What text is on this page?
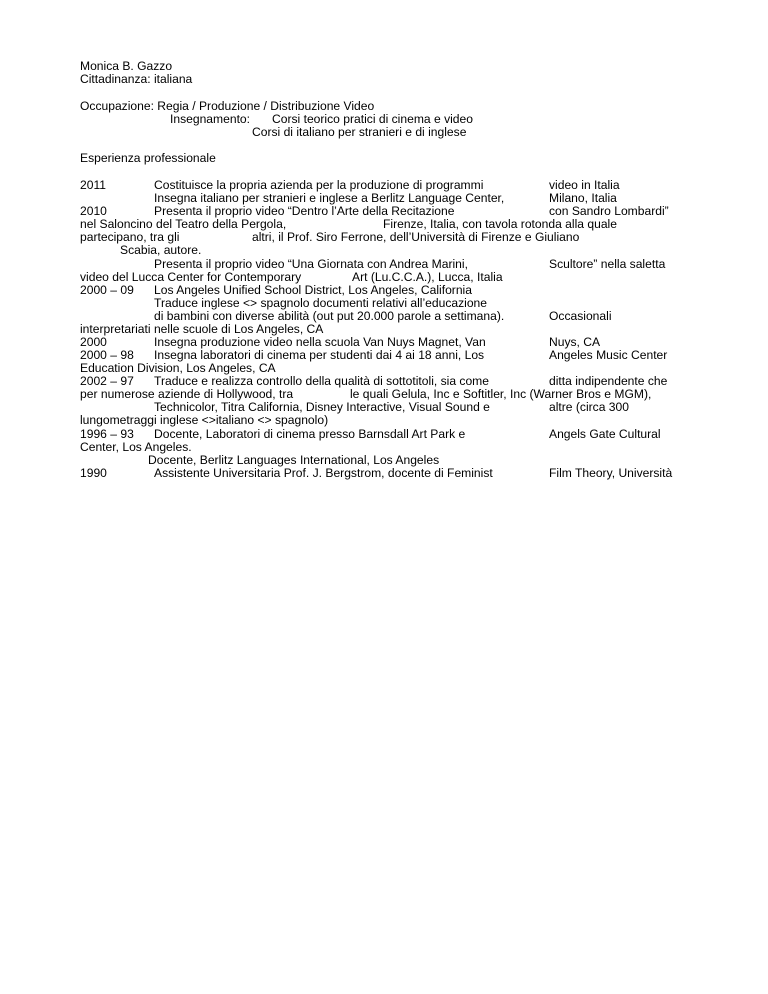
Monica B. Gazzo
Cittadinanza: italiana
Occupazione: Regia / Produzione / Distribuzione Video
Insegnamento: Corsi teorico pratici di cinema e video
Corsi di italiano per stranieri e di inglese
Esperienza professionale
2011	Costituisce la propria azienda per la produzione di programmi	video in Italia
Insegna italiano per stranieri e inglese a Berlitz Language Center,	Milano, Italia
2010	Presenta il proprio video “Dentro l’Arte della Recitazione	con Sandro Lombardi”
nel Saloncino del Teatro della Pergola,	Firenze, Italia, con tavola rotonda alla quale
partecipano, tra gli	altri, il Prof. Siro Ferrone, dell’Università di Firenze e Giuliano
Scabia, autore.
Presenta il proprio video “Una Giornata con Andrea Marini,	Scultore” nella saletta
video del Lucca Center for Contemporary	Art (Lu.C.C.A.), Lucca, Italia
2000 – 09 Los Angeles Unified School District, Los Angeles, California
Traduce inglese <> spagnolo documenti relativi all’educazione
di bambini con diverse abilità (out put 20.000 parole a settimana).	Occasionali
interpretariati nelle scuole di Los Angeles, CA
2000	Insegna produzione video nella scuola Van Nuys Magnet, Van	Nuys, CA
2000 – 98 Insegna laboratori di cinema per studenti dai 4 ai 18 anni, Los	Angeles Music Center
Education Division, Los Angeles, CA
2002 – 97 Traduce e realizza controllo della qualità di sottotitoli, sia come	ditta indipendente che
per numerose aziende di Hollywood, tra	le quali Gelula, Inc e Softitler, Inc (Warner Bros e MGM),
Technicolor, Titra California, Disney Interactive, Visual Sound e	altre (circa 300
lungometraggi inglese <>italiano <> spagnolo)
1996 – 93 Docente, Laboratori di cinema presso Barnsdall Art Park e	Angels Gate Cultural
Center, Los Angeles.
Docente, Berlitz Languages International, Los Angeles
1990	Assistente Universitaria Prof. J. Bergstrom, docente di Feminist	Film Theory, Università
